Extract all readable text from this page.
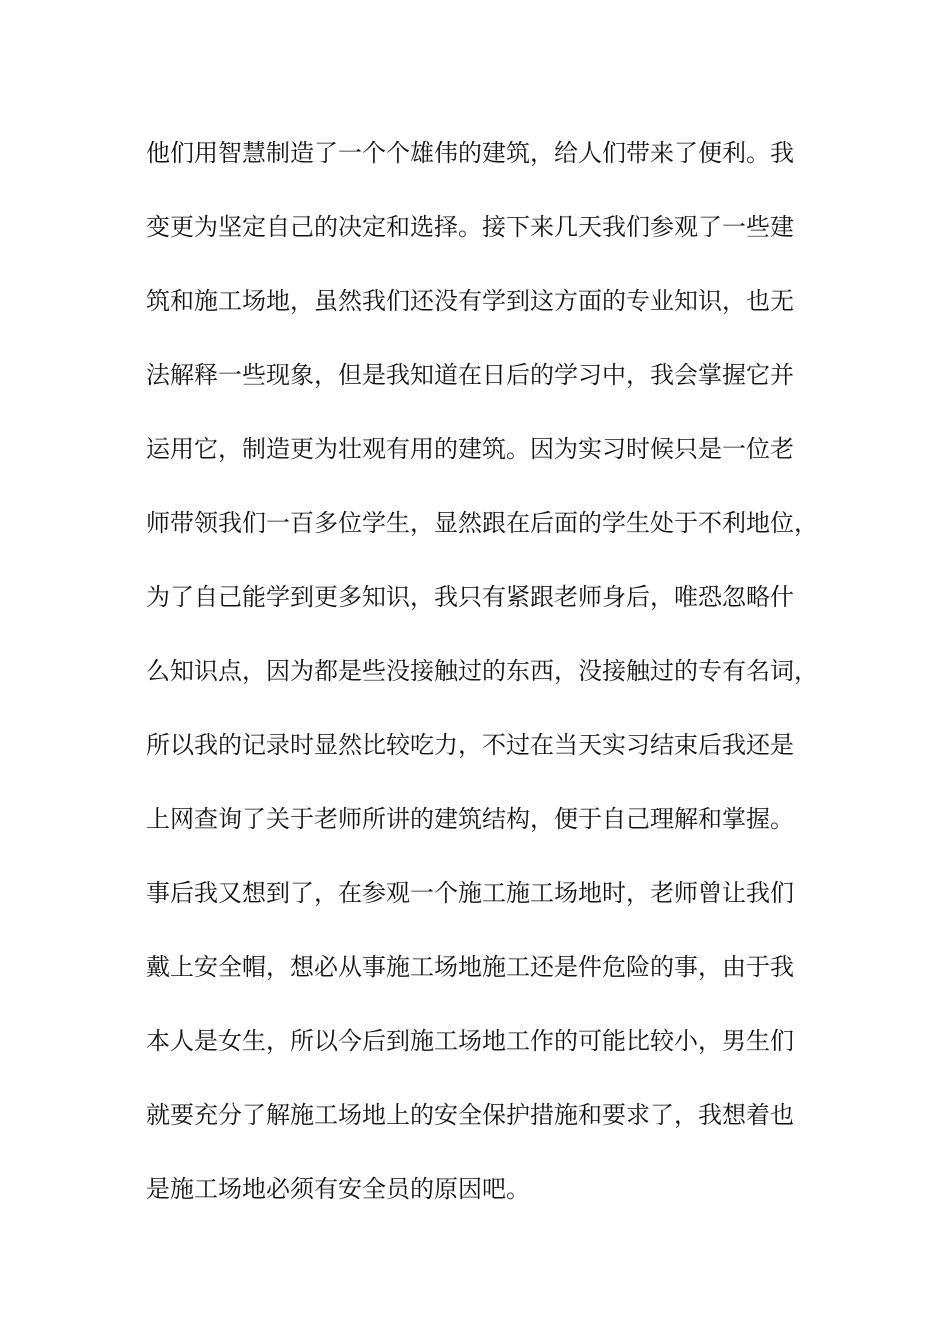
他们用智慧制造了一个个雄伟的建筑，给人们带来了便利。我
变更为坚定自己的决定和选择。接下来几天我们参观了一些建
筑和施工场地，虽然我们还没有学到这方面的专业知识，也无
法解释一些现象，但是我知道在日后的学习中，我会掌握它并
运用它，制造更为壮观有用的建筑。因为实习时候只是一位老
师带领我们一百多位学生，显然跟在后面的学生处于不利地位，
为了自己能学到更多知识，我只有紧跟老师身后，唯恐忽略什
么知识点，因为都是些没接触过的东西，没接触过的专有名词，
所以我的记录时显然比较吃力，不过在当天实习结束后我还是
上网查询了关于老师所讲的建筑结构，便于自己理解和掌握。
事后我又想到了，在参观一个施工施工场地时，老师曾让我们
戴上安全帽，想必从事施工场地施工还是件危险的事，由于我
本人是女生，所以今后到施工场地工作的可能比较小，男生们
就要充分了解施工场地上的安全保护措施和要求了，我想着也
是施工场地必须有安全员的原因吧。
